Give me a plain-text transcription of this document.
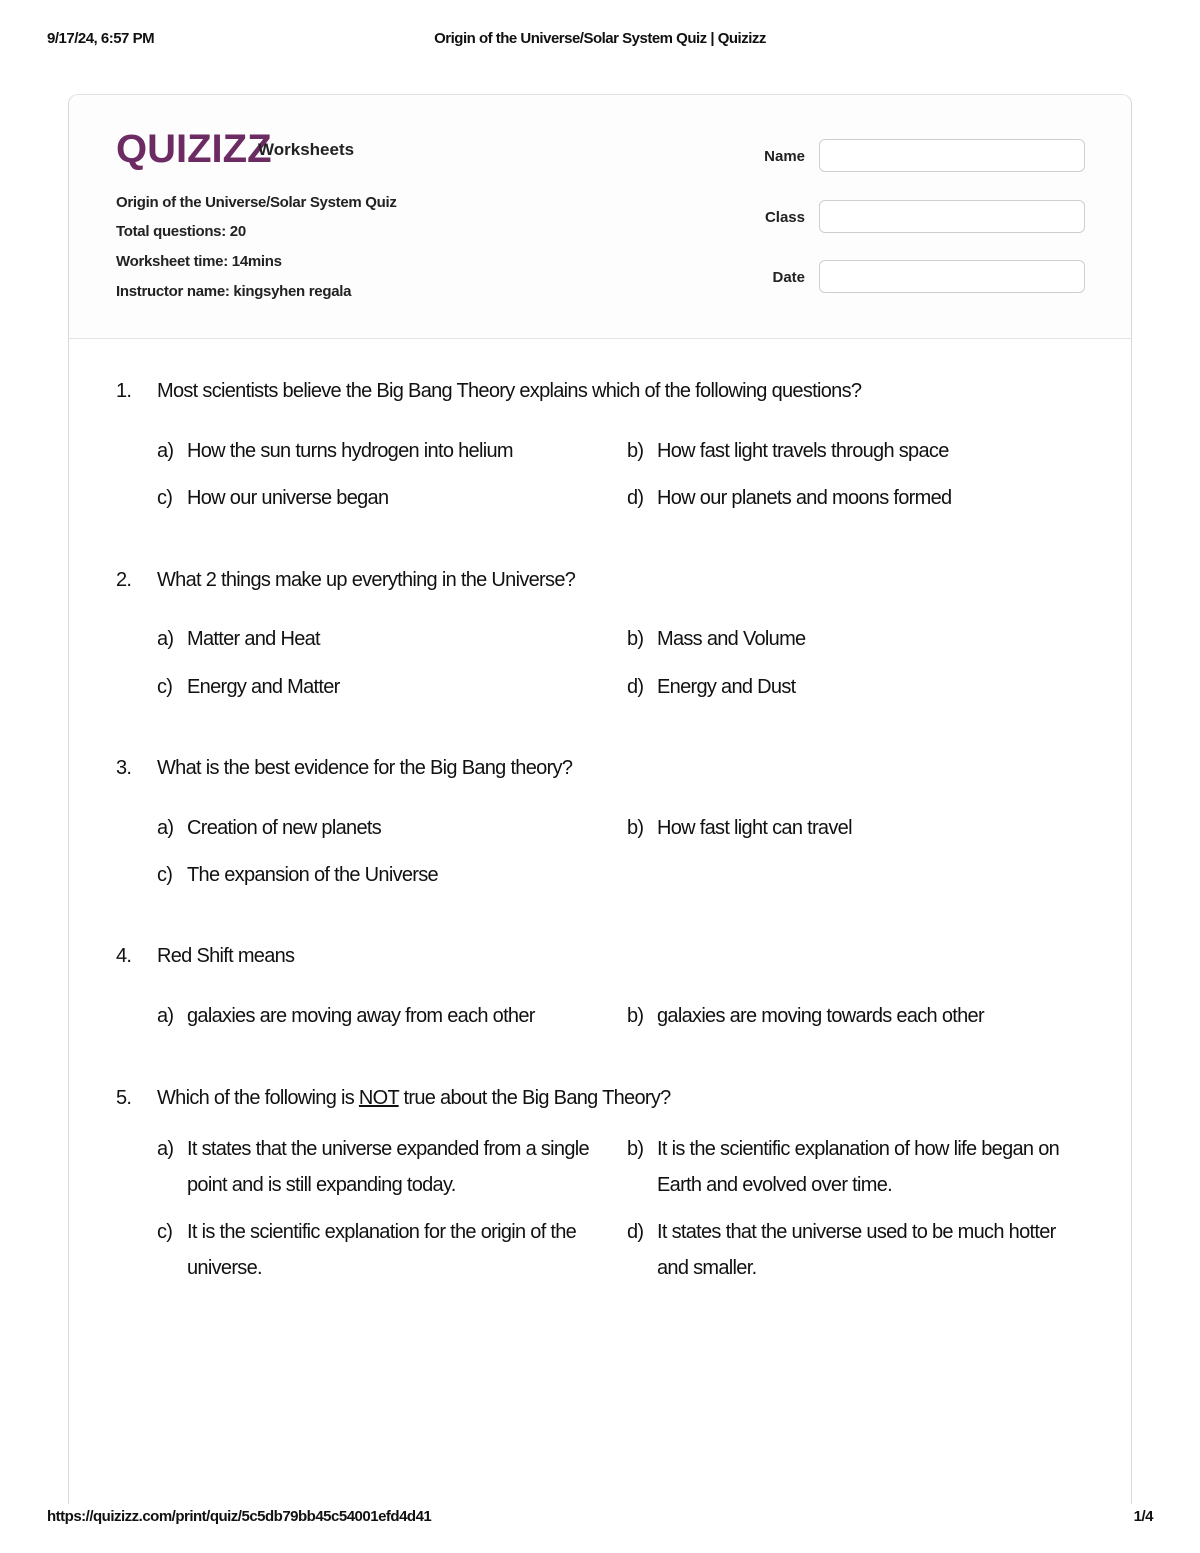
9/17/24, 6:57 PM	Origin of the Universe/Solar System Quiz | Quizizz
QUIZIZZ
Worksheets
Origin of the Universe/Solar System Quiz
Total questions: 20
Worksheet time: 14mins
Instructor name: kingsyhen regala
Name
Class
Date
1. Most scientists believe the Big Bang Theory explains which of the following questions?
a) How the sun turns hydrogen into helium	b) How fast light travels through space
c) How our universe began	d) How our planets and moons formed
2. What 2 things make up everything in the Universe?
a) Matter and Heat	b) Mass and Volume
c) Energy and Matter	d) Energy and Dust
3. What is the best evidence for the Big Bang theory?
a) Creation of new planets	b) How fast light can travel
c) The expansion of the Universe
4. Red Shift means
a) galaxies are moving away from each other	b) galaxies are moving towards each other
5. Which of the following is NOT true about the Big Bang Theory?
a) It states that the universe expanded from a single point and is still expanding today.
b) It is the scientific explanation of how life began on Earth and evolved over time.
c) It is the scientific explanation for the origin of the universe.
d) It states that the universe used to be much hotter and smaller.
https://quizizz.com/print/quiz/5c5db79bb45c54001efd4d41	1/4
